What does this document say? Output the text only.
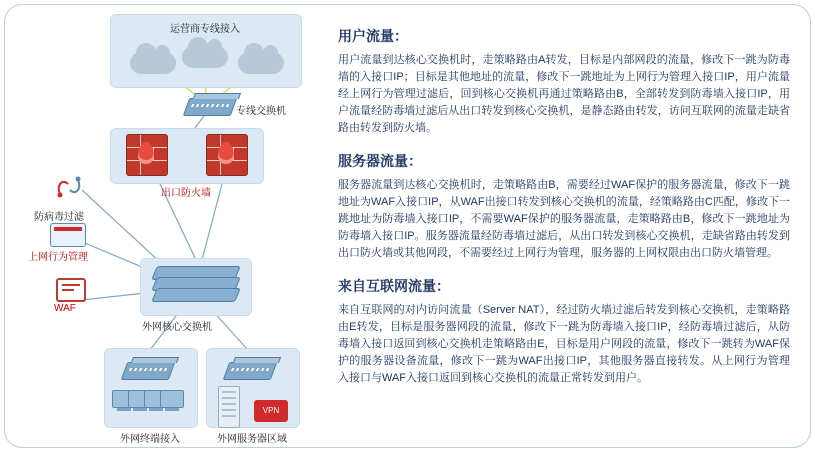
运营商专线接入
专线交换机
出口防火墙
防病毒过滤
上网行为管理
WAF
外网核心交换机
外网终端接入
VPN
外网服务器区域
用户流量：

用户流量到达核心交换机时，走策略路由A转发，目标是内部网段的流量，修改下一跳为防毒墙的入接口IP；目标是其他地址的流量，修改下一跳地址为上网行为管理入接口IP，用户流量经上网行为管理过滤后，回到核心交换机再通过策略路由B，全部转发到防毒墙入接口IP，用户流量经防毒墙过滤后从出口转发到核心交换机，是静态路由转发，访问互联网的流量走缺省路由转发到防火墙。

服务器流量：

服务器流量到达核心交换机时，走策略路由B，需要经过WAF保护的服务器流量，修改下一跳地址为WAF入接口IP，从WAF出接口转发到核心交换机的流量，经策略路由C匹配，修改下一跳地址为防毒墙入接口IP，不需要WAF保护的服务器流量，走策略路由B，修改下一跳地址为防毒墙入接口IP。服务器流量经防毒墙过滤后，从出口转发到核心交换机，走缺省路由转发到出口防火墙或其他网段，不需要经过上网行为管理，服务器的上网权限由出口防火墙管理。

来自互联网流量：

来自互联网的对内访问流量（Server NAT），经过防火墙过滤后转发到核心交换机，走策略路由E转发，目标是服务器网段的流量，修改下一跳为防毒墙入接口IP，经防毒墙过滤后，从防毒墙入接口返回到核心交换机走策略路由E，目标是用户网段的流量，修改下一跳转为WAF保护的服务器设备流量，修改下一跳为WAF出接口IP，其他服务器直接转发。从上网行为管理入接口与WAF入接口返回到核心交换机的流量正常转发到用户。
